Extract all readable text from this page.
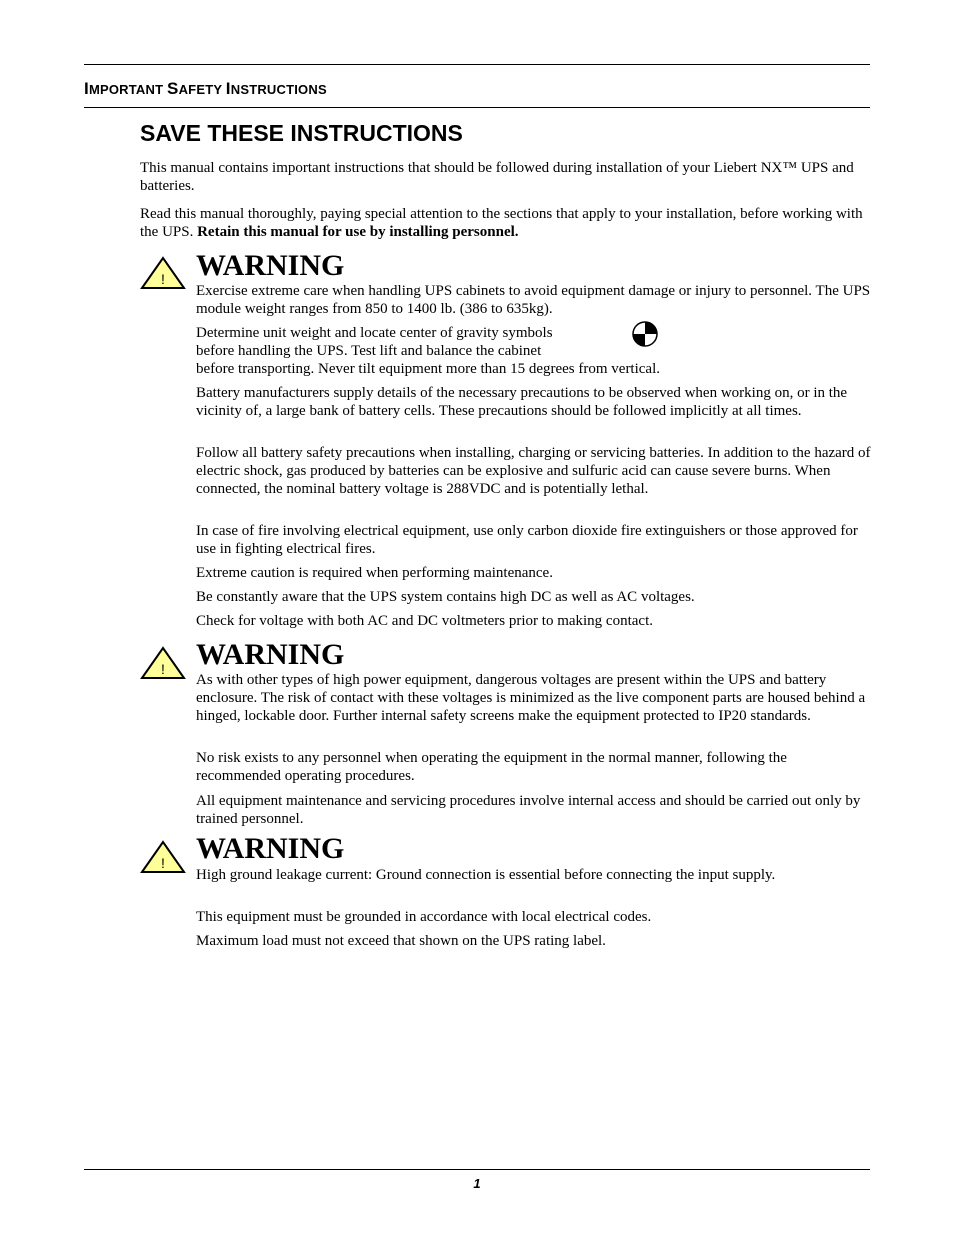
IMPORTANT SAFETY INSTRUCTIONS
SAVE THESE INSTRUCTIONS
This manual contains important instructions that should be followed during installation of your Liebert NX™ UPS and batteries.
Read this manual thoroughly, paying special attention to the sections that apply to your installation, before working with the UPS. Retain this manual for use by installing personnel.
! WARNING
Exercise extreme care when handling UPS cabinets to avoid equipment damage or injury to personnel. The UPS module weight ranges from 850 to 1400 lb. (386 to 635kg).
Determine unit weight and locate center of gravity symbols
before handling the UPS. Test lift and balance the cabinet
before transporting. Never tilt equipment more than 15 degrees from vertical.
Battery manufacturers supply details of the necessary precautions to be observed when working on, or in the vicinity of, a large bank of battery cells. These precautions should be followed implicitly at all times.
Follow all battery safety precautions when installing, charging or servicing batteries. In addition to the hazard of electric shock, gas produced by batteries can be explosive and sulfuric acid can cause severe burns. When connected, the nominal battery voltage is 288VDC and is potentially lethal.
In case of fire involving electrical equipment, use only carbon dioxide fire extinguishers or those approved for use in fighting electrical fires.
Extreme caution is required when performing maintenance.
Be constantly aware that the UPS system contains high DC as well as AC voltages.
Check for voltage with both AC and DC voltmeters prior to making contact.
! WARNING
As with other types of high power equipment, dangerous voltages are present within the UPS and battery enclosure. The risk of contact with these voltages is minimized as the live component parts are housed behind a hinged, lockable door. Further internal safety screens make the equipment protected to IP20 standards.
No risk exists to any personnel when operating the equipment in the normal manner, following the recommended operating procedures.
All equipment maintenance and servicing procedures involve internal access and should be carried out only by trained personnel.
! WARNING
High ground leakage current: Ground connection is essential before connecting the input supply.
This equipment must be grounded in accordance with local electrical codes.
Maximum load must not exceed that shown on the UPS rating label.
1
